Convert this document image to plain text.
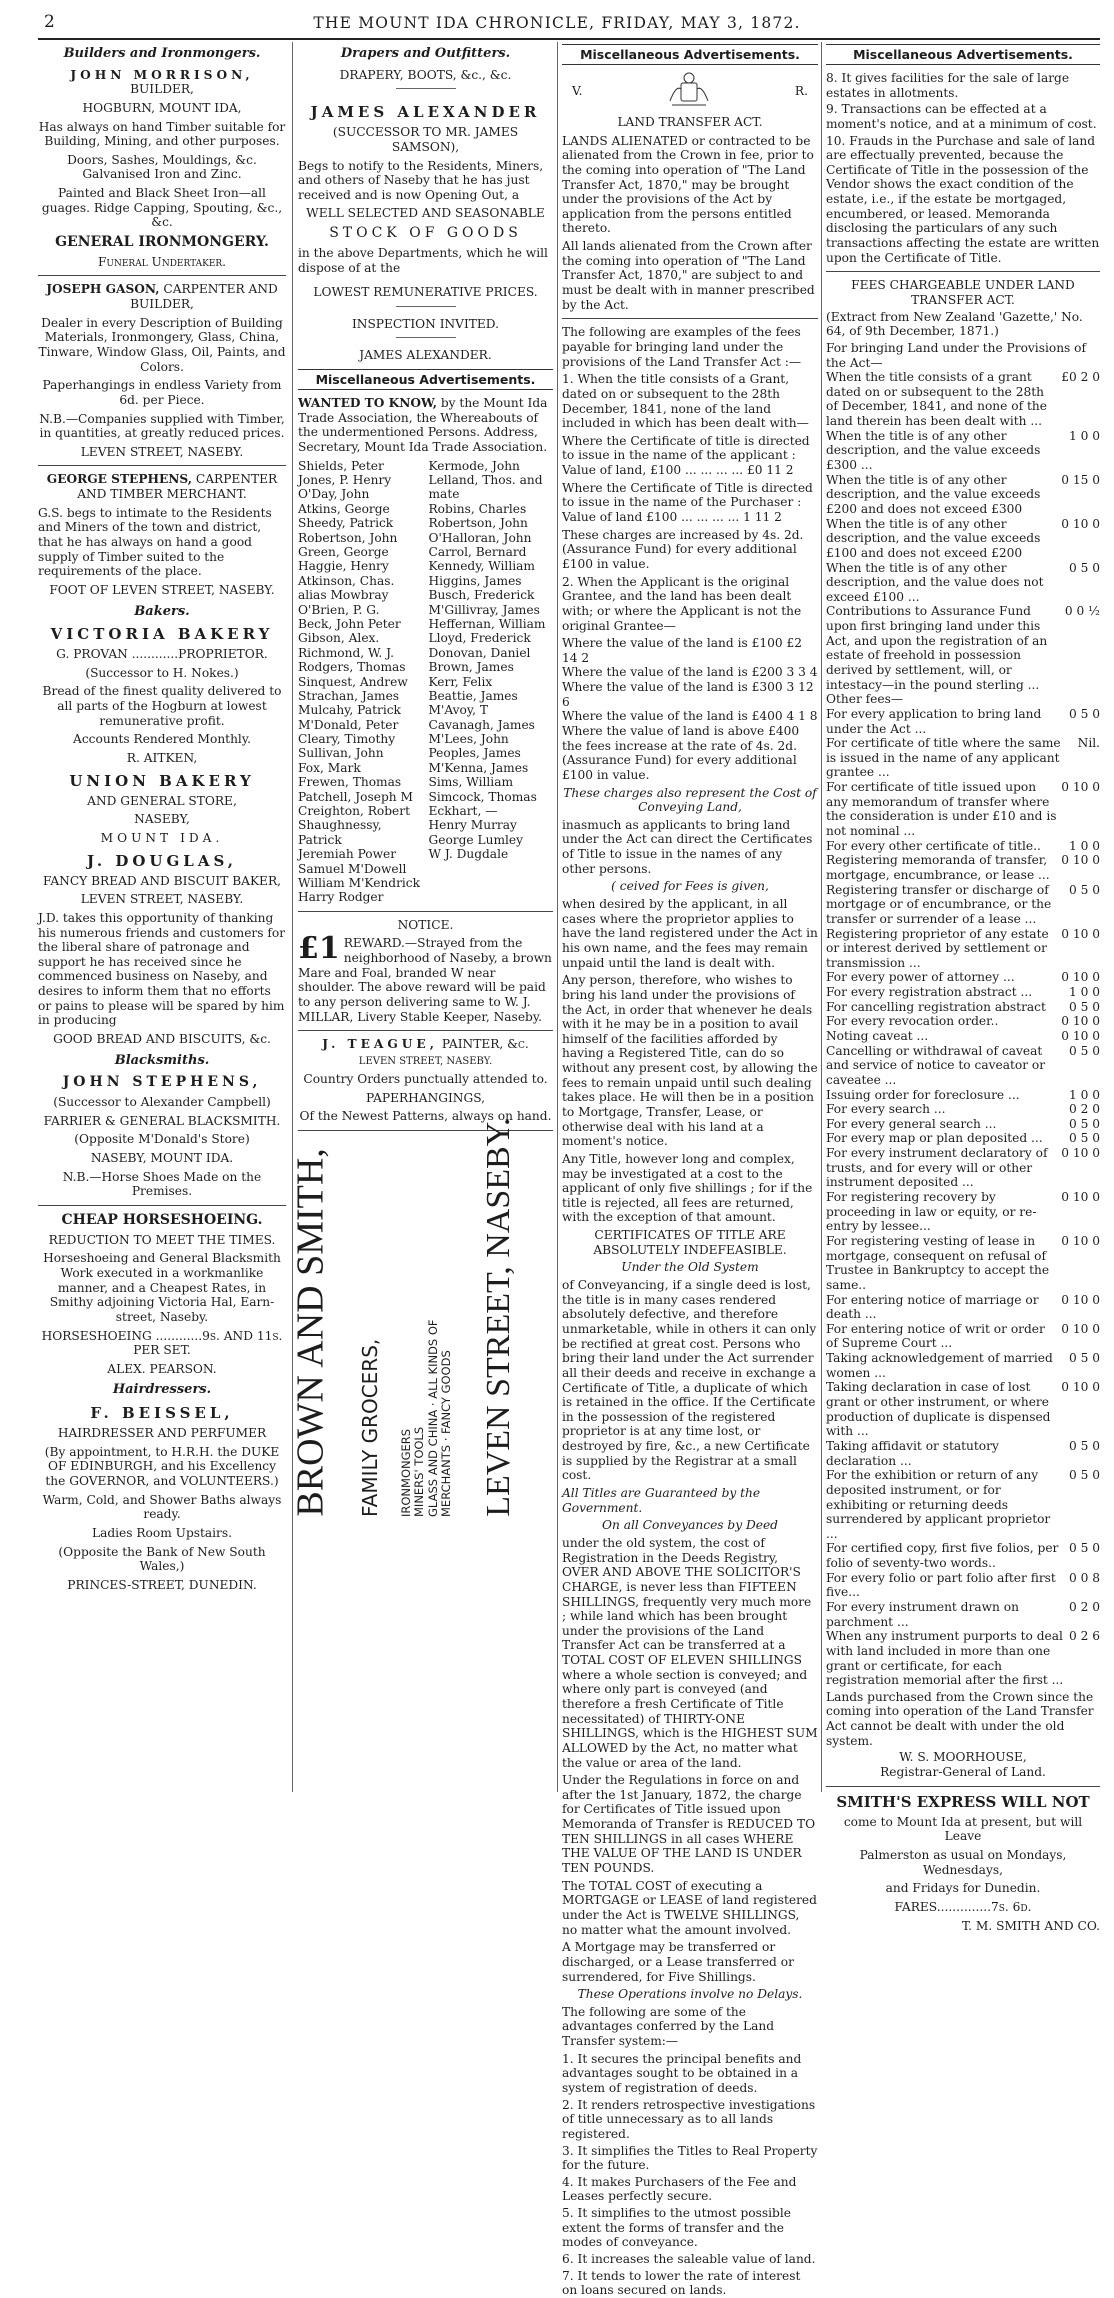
2	THE MOUNT IDA CHRONICLE, FRIDAY, MAY 3, 1872.
Builders and Ironmongers.

JOHN MORRISON, BUILDER,

HOGBURN, MOUNT IDA,

Has always on hand Timber suitable for Building, Mining, and other purposes.

Doors, Sashes, Mouldings, &c. Galvanised Iron and Zinc.

Painted and Black Sheet Iron—all guages. Ridge Capping, Spouting, &c., &c.

GENERAL IRONMONGERY.

Funeral Undertaker.

JOSEPH GASON, CARPENTER AND BUILDER,

Dealer in every Description of Building Materials, Ironmongery, Glass, China, Tinware, Window Glass, Oil, Paints, and Colors.

Paperhangings in endless Variety from 6d. per Piece.

N.B.—Companies supplied with Timber, in quantities, at greatly reduced prices.

LEVEN STREET, NASEBY.

GEORGE STEPHENS, CARPENTER AND TIMBER MERCHANT.

G.S. begs to intimate to the Residents and Miners of the town and district, that he has always on hand a good supply of Timber suited to the requirements of the place.

FOOT OF LEVEN STREET, NASEBY.

Bakers.

VICTORIA BAKERY

G. PROVAN ............PROPRIETOR.

(Successor to H. Nokes.)

Bread of the finest quality delivered to all parts of the Hogburn at lowest remunerative profit.

Accounts Rendered Monthly.

R. AITKEN,

UNION BAKERY

AND GENERAL STORE,

NASEBY,

MOUNT IDA.

J. DOUGLAS,

FANCY BREAD AND BISCUIT BAKER,

LEVEN STREET, NASEBY.

J.D. takes this opportunity of thanking his numerous friends and customers for the liberal share of patronage and support he has received since he commenced business on Naseby, and desires to inform them that no efforts or pains to please will be spared by him in producing

GOOD BREAD AND BISCUITS, &c.

Blacksmiths.

JOHN STEPHENS,

(Successor to Alexander Campbell)

FARRIER & GENERAL BLACKSMITH.

(Opposite M'Donald's Store)

NASEBY, MOUNT IDA.

N.B.—Horse Shoes Made on the Premises.

CHEAP HORSESHOEING.

REDUCTION TO MEET THE TIMES.

Horseshoeing and General Blacksmith Work executed in a workmanlike manner, and a Cheapest Rates, in Smithy adjoining Victoria Hal, Earn-street, Naseby.

HORSESHOEING ............9s. AND 11s. PER SET.

ALEX. PEARSON.

Hairdressers.

F. BEISSEL,

HAIRDRESSER AND PERFUMER

(By appointment, to H.R.H. the DUKE OF EDINBURGH, and his Excellency the GOVERNOR, and VOLUNTEERS.)

Warm, Cold, and Shower Baths always ready.

Ladies Room Upstairs.

(Opposite the Bank of New South Wales,)

PRINCES-STREET, DUNEDIN.

Drapers and Outfitters.

DRAPERY, BOOTS, &c., &c.

JAMES ALEXANDER

(SUCCESSOR TO MR. JAMES SAMSON),

Begs to notify to the Residents, Miners, and others of Naseby that he has just received and is now Opening Out, a

WELL SELECTED AND SEASONABLE

STOCK OF GOODS

in the above Departments, which he will dispose of at the

LOWEST REMUNERATIVE PRICES.

INSPECTION INVITED.

JAMES ALEXANDER.

Miscellaneous Advertisements.

WANTED TO KNOW, by the Mount Ida Trade Association, the Whereabouts of the undermentioned Persons. Address, Secretary, Mount Ida Trade Association.

Shields, Peter
Jones, P. Henry
O'Day, John
Atkins, George
Sheedy, Patrick
Robertson, John
Green, George
Haggie, Henry
Atkinson, Chas. alias Mowbray
O'Brien, P. G.
Beck, John Peter
Gibson, Alex.
Richmond, W. J.
Rodgers, Thomas
Sinquest, Andrew
Strachan, James
Mulcahy, Patrick
M'Donald, Peter
Cleary, Timothy
Sullivan, John
Fox, Mark
Frewen, Thomas
Patchell, Joseph M
Creighton, Robert
Shaughnessy, Patrick
Jeremiah Power
Samuel M'Dowell
William M'Kendrick
Harry Rodger
Kermode, John
Lelland, Thos. and mate
Robins, Charles
Robertson, John
O'Halloran, John
Carrol, Bernard
Kennedy, William
Higgins, James
Busch, Frederick
M'Gillivray, James
Heffernan, William
Lloyd, Frederick
Donovan, Daniel
Brown, James
Kerr, Felix
Beattie, James
M'Avoy, T
Cavanagh, James
M'Lees, John
Peoples, James
M'Kenna, James
Sims, William
Simcock, Thomas
Eckhart, —
Henry Murray
George Lumley
W J. Dugdale

NOTICE.

£1 REWARD.—Strayed from the neighborhood of Naseby, a brown Mare and Foal, branded W near shoulder. The above reward will be paid to any person delivering same to W. J. MILLAR, Livery Stable Keeper, Naseby.

J. TEAGUE, PAINTER, &c.

LEVEN STREET, NASEBY.

Country Orders punctually attended to.

PAPERHANGINGS,

Of the Newest Patterns, always on hand.

BROWN AND SMITH, FAMILY GROCERS, IRONMONGERS
MINERS' TOOLS GLASS AND CHINA · ALL KINDS OF
MERCHANTS · FANCY GOODS LEVEN STREET, NASEBY.
Miscellaneous Advertisements.
V.	R.

LAND TRANSFER ACT.

LANDS ALIENATED or contracted to be alienated from the Crown in fee, prior to the coming into operation of "The Land Transfer Act, 1870," may be brought under the provisions of the Act by application from the persons entitled thereto.

All lands alienated from the Crown after the coming into operation of "The Land Transfer Act, 1870," are subject to and must be dealt with in manner prescribed by the Act.

The following are examples of the fees payable for bringing land under the provisions of the Land Transfer Act :—

1. When the title consists of a Grant, dated on or subsequent to the 28th December, 1841, none of the land included in which has been dealt with—

Where the Certificate of title is directed to issue in the name of the applicant : Value of land, £100 ... ... ... ... £0 11 2

Where the Certificate of Title is directed to issue in the name of the Purchaser : Value of land £100 ... ... ... ... 1 11 2

These charges are increased by 4s. 2d. (Assurance Fund) for every additional £100 in value.

2. When the Applicant is the original Grantee, and the land has been dealt with; or where the Applicant is not the original Grantee—

Where the value of the land is £100 £2 14 2

Where the value of the land is £200 3 3 4

Where the value of the land is £300 3 12 6

Where the value of the land is £400 4 1 8

Where the value of land is above £400 the fees increase at the rate of 4s. 2d. (Assurance Fund) for every additional £100 in value.

These charges also represent the Cost of Conveying Land,

inasmuch as applicants to bring land under the Act can direct the Certificates of Title to issue in the names of any other persons.

( ceived for Fees is given,

when desired by the applicant, in all cases where the proprietor applies to have the land registered under the Act in his own name, and the fees may remain unpaid until the land is dealt with.

Any person, therefore, who wishes to bring his land under the provisions of the Act, in order that whenever he deals with it he may be in a position to avail himself of the facilities afforded by having a Registered Title, can do so without any present cost, by allowing the fees to remain unpaid until such dealing takes place. He will then be in a position to Mortgage, Transfer, Lease, or otherwise deal with his land at a moment's notice.

Any Title, however long and complex, may be investigated at a cost to the applicant of only five shillings ; for if the title is rejected, all fees are returned, with the exception of that amount.

CERTIFICATES OF TITLE ARE ABSOLUTELY INDEFEASIBLE.

Under the Old System

of Conveyancing, if a single deed is lost, the title is in many cases rendered absolutely defective, and therefore unmarketable, while in others it can only be rectified at great cost. Persons who bring their land under the Act surrender all their deeds and receive in exchange a Certificate of Title, a duplicate of which is retained in the office. If the Certificate in the possession of the registered proprietor is at any time lost, or destroyed by fire, &c., a new Certificate is supplied by the Registrar at a small cost.

All Titles are Guaranteed by the Government.

On all Conveyances by Deed

under the old system, the cost of Registration in the Deeds Registry, OVER AND ABOVE THE SOLICITOR'S CHARGE, is never less than FIFTEEN SHILLINGS, frequently very much more ; while land which has been brought under the provisions of the Land Transfer Act can be transferred at a TOTAL COST OF ELEVEN SHILLINGS where a whole section is conveyed; and where only part is conveyed (and therefore a fresh Certificate of Title necessitated) of THIRTY-ONE SHILLINGS, which is the HIGHEST SUM ALLOWED by the Act, no matter what the value or area of the land.

Under the Regulations in force on and after the 1st January, 1872, the charge for Certificates of Title issued upon Memoranda of Transfer is REDUCED TO TEN SHILLINGS in all cases WHERE THE VALUE OF THE LAND IS UNDER TEN POUNDS.

The TOTAL COST of executing a MORTGAGE or LEASE of land registered under the Act is TWELVE SHILLINGS, no matter what the amount involved.

A Mortgage may be transferred or discharged, or a Lease transferred or surrendered, for Five Shillings.

These Operations involve no Delays.

The following are some of the advantages conferred by the Land Transfer system:—

1. It secures the principal benefits and advantages sought to be obtained in a system of registration of deeds.

2. It renders retrospective investigations of title unnecessary as to all lands registered.

3. It simplifies the Titles to Real Property for the future.

4. It makes Purchasers of the Fee and Leases perfectly secure.

5. It simplifies to the utmost possible extent the forms of transfer and the modes of conveyance.

6. It increases the saleable value of land.

7. It tends to lower the rate of interest on loans secured on lands.

Miscellaneous Advertisements.

8. It gives facilities for the sale of large estates in allotments.

9. Transactions can be effected at a moment's notice, and at a minimum of cost.

10. Frauds in the Purchase and sale of land are effectually prevented, because the Certificate of Title in the possession of the Vendor shows the exact condition of the estate, i.e., if the estate be mortgaged, encumbered, or leased. Memoranda disclosing the particulars of any such transactions affecting the estate are written upon the Certificate of Title.

FEES CHARGEABLE UNDER LAND TRANSFER ACT.

(Extract from New Zealand 'Gazette,' No. 64, of 9th December, 1871.)

For bringing Land under the Provisions of the Act—
When the title consists of a grant dated on or subsequent to the 28th of December, 1841, and none of the land therein has been dealt with ...
£0 2 0
When the title is of any other description, and the value exceeds £300 ...
1 0 0
When the title is of any other description, and the value exceeds £200 and does not exceed £300
0 15 0
When the title is of any other description, and the value exceeds £100 and does not exceed £200
0 10 0
When the title is of any other description, and the value does not exceed £100 ...
0 5 0
Contributions to Assurance Fund upon first bringing land under this Act, and upon the registration of an estate of freehold in possession derived by settlement, will, or intestacy—in the pound sterling ...
0 0 ½
Other fees—
For every application to bring land under the Act ...
0 5 0
For certificate of title where the same is issued in the name of any applicant grantee ...
Nil.
For certificate of title issued upon any memorandum of transfer where the consideration is under £10 and is not nominal ...
0 10 0
For every other certificate of title.. 1 0 0
Registering memoranda of transfer, mortgage, encumbrance, or lease ...
0 10 0
Registering transfer or discharge of mortgage or of encumbrance, or the transfer or surrender of a lease ...
0 5 0
Registering proprietor of any estate or interest derived by settlement or transmission ...
0 10 0
For every power of attorney ...	0 10 0
For every registration abstract ...	1 0 0
For cancelling registration abstract 0 5 0
For every revocation order..	0 10 0
Noting caveat ...	0 10 0
Cancelling or withdrawal of caveat and service of notice to caveator or caveatee ...
0 5 0
Issuing order for foreclosure ...	1 0 0
For every search ...	0 2 0
For every general search ...	0 5 0
For every map or plan deposited ... 0 5 0
For every instrument declaratory of trusts, and for every will or other instrument deposited ...
0 10 0
For registering recovery by proceeding in law or equity, or re-entry by lessee...
0 10 0
For registering vesting of lease in mortgage, consequent on refusal of Trustee in Bankruptcy to accept the same..
0 10 0
For entering notice of marriage or death ...
0 10 0
For entering notice of writ or order of Supreme Court ...
0 10 0
Taking acknowledgement of married women ...
0 5 0
Taking declaration in case of lost grant or other instrument, or where production of duplicate is dispensed with ...
0 10 0
Taking affidavit or statutory declaration ...
0 5 0
For the exhibition or return of any deposited instrument, or for exhibiting or returning deeds surrendered by applicant proprietor ...
0 5 0
For certified copy, first five folios, per folio of seventy-two words..
0 5 0
For every folio or part folio after first five...
0 0 8
For every instrument drawn on parchment ...
0 2 0
When any instrument purports to deal with land included in more than one grant or certificate, for each registration memorial after the first ...
0 2 6

Lands purchased from the Crown since the coming into operation of the Land Transfer Act cannot be dealt with under the old system.

W. S. MOORHOUSE,

Registrar-General of Land.

SMITH'S EXPRESS WILL NOT

come to Mount Ida at present, but will Leave

Palmerston as usual on Mondays, Wednesdays,

and Fridays for Dunedin.

FARES..............7s. 6d.

T. M. SMITH AND CO.
